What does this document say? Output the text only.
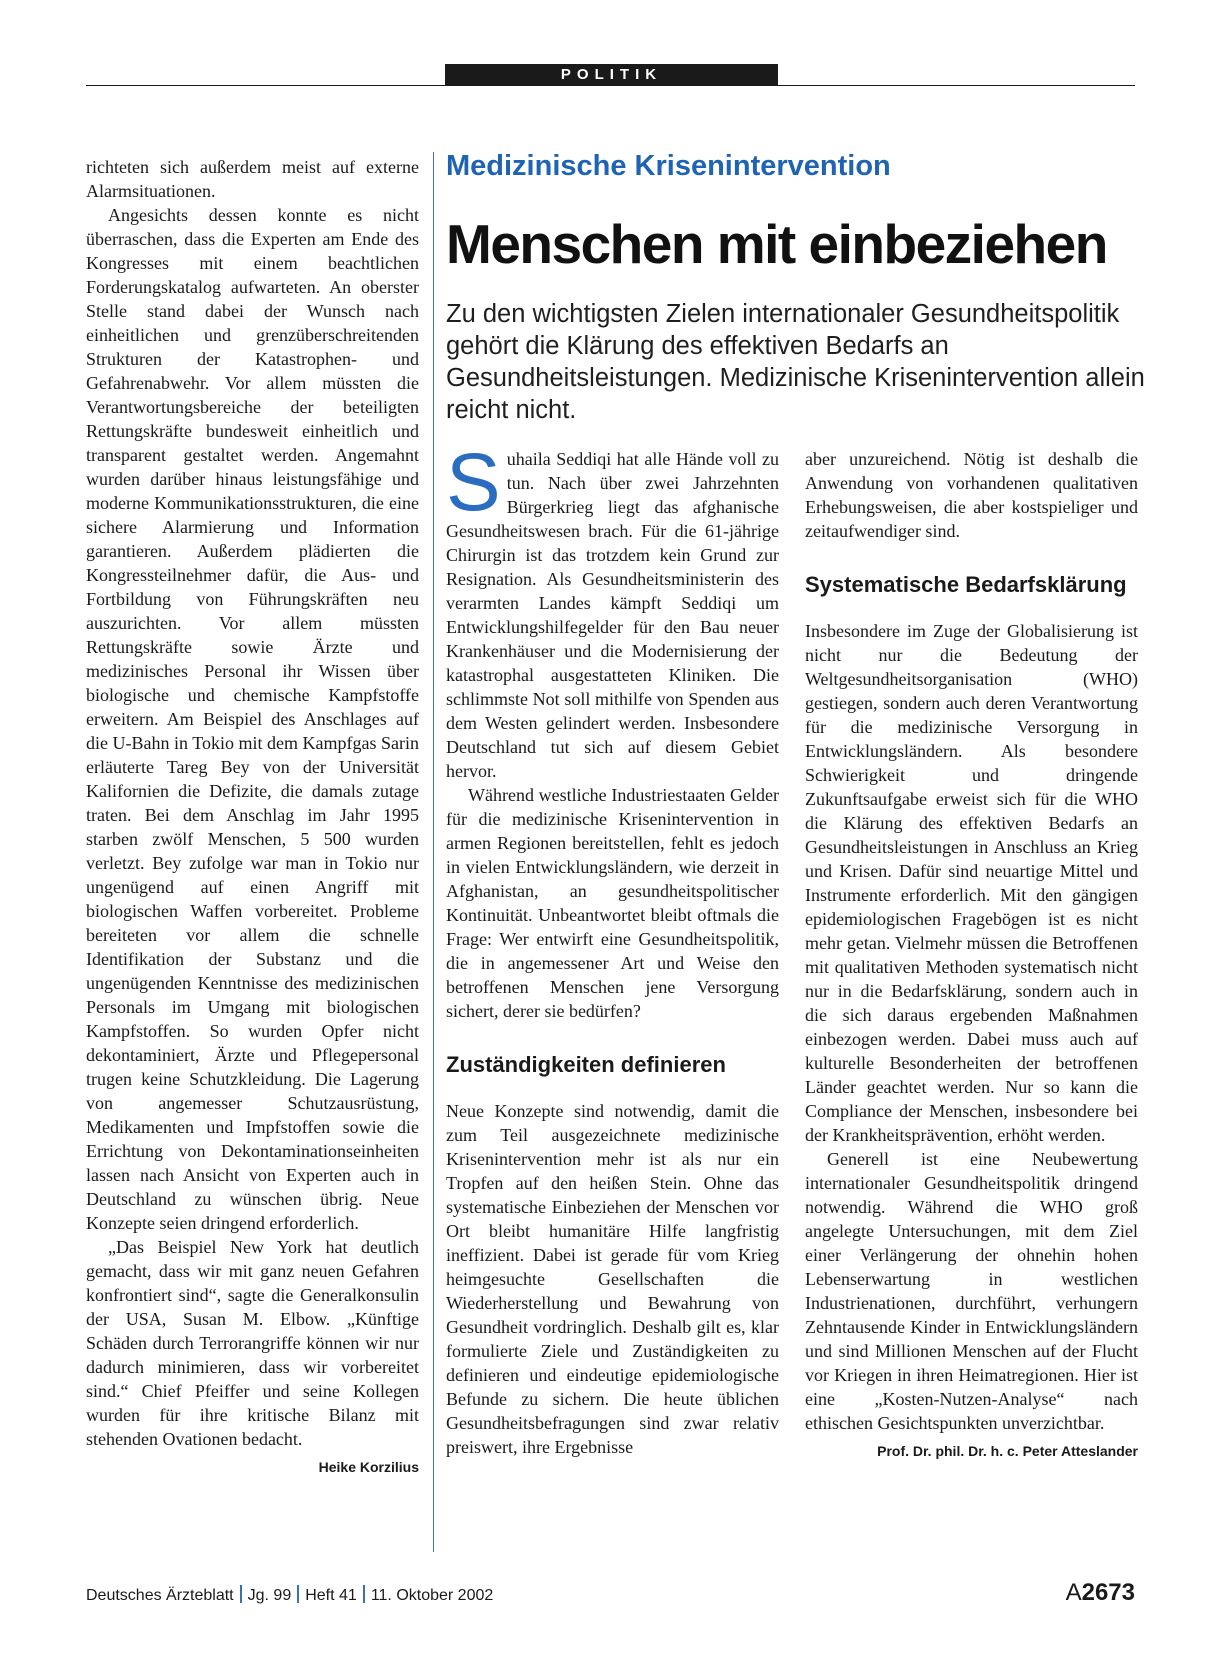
POLITIK

richteten sich außerdem meist auf externe Alarmsituationen.

Angesichts dessen konnte es nicht überraschen, dass die Experten am Ende des Kongresses mit einem beachtlichen Forderungskatalog aufwarteten. An oberster Stelle stand dabei der Wunsch nach einheitlichen und grenzüberschreitenden Strukturen der Katastrophen- und Gefahrenabwehr. Vor allem müssten die Verantwortungsbereiche der beteiligten Rettungskräfte bundesweit einheitlich und transparent gestaltet werden. Angemahnt wurden darüber hinaus leistungsfähige und moderne Kommunikationsstrukturen, die eine sichere Alarmierung und Information garantieren. Außerdem plädierten die Kongressteilnehmer dafür, die Aus- und Fortbildung von Führungskräften neu auszurichten. Vor allem müssten Rettungskräfte sowie Ärzte und medizinisches Personal ihr Wissen über biologische und chemische Kampfstoffe erweitern. Am Beispiel des Anschlages auf die U-Bahn in Tokio mit dem Kampfgas Sarin erläuterte Tareg Bey von der Universität Kalifornien die Defizite, die damals zutage traten. Bei dem Anschlag im Jahr 1995 starben zwölf Menschen, 5 500 wurden verletzt. Bey zufolge war man in Tokio nur ungenügend auf einen Angriff mit biologischen Waffen vorbereitet. Probleme bereiteten vor allem die schnelle Identifikation der Substanz und die ungenügenden Kenntnisse des medizinischen Personals im Umgang mit biologischen Kampfstoffen. So wurden Opfer nicht dekontaminiert, Ärzte und Pflegepersonal trugen keine Schutzkleidung. Die Lagerung von angemesser Schutzausrüstung, Medikamenten und Impfstoffen sowie die Errichtung von Dekontaminationseinheiten lassen nach Ansicht von Experten auch in Deutschland zu wünschen übrig. Neue Konzepte seien dringend erforderlich.

„Das Beispiel New York hat deutlich gemacht, dass wir mit ganz neuen Gefahren konfrontiert sind“, sagte die Generalkonsulin der USA, Susan M. Elbow. „Künftige Schäden durch Terrorangriffe können wir nur dadurch minimieren, dass wir vorbereitet sind.“ Chief Pfeiffer und seine Kollegen wurden für ihre kritische Bilanz mit stehenden Ovationen bedacht.
Heike Korzilius

Medizinische Krisenintervention
Menschen mit einbeziehen
Zu den wichtigsten Zielen internationaler Gesundheitspolitik gehört die Klärung des effektiven Bedarfs an Gesundheitsleistungen. Medizinische Krisenintervention allein reicht nicht.

Suhaila Seddiqi hat alle Hände voll zu tun. Nach über zwei Jahrzehnten Bürgerkrieg liegt das afghanische Gesundheitswesen brach. Für die 61-jährige Chirurgin ist das trotzdem kein Grund zur Resignation. Als Gesundheitsministerin des verarmten Landes kämpft Seddiqi um Entwicklungshilfegelder für den Bau neuer Krankenhäuser und die Modernisierung der katastrophal ausgestatteten Kliniken. Die schlimmste Not soll mithilfe von Spenden aus dem Westen gelindert werden. Insbesondere Deutschland tut sich auf diesem Gebiet hervor.

Während westliche Industriestaaten Gelder für die medizinische Krisenintervention in armen Regionen bereitstellen, fehlt es jedoch in vielen Entwicklungsländern, wie derzeit in Afghanistan, an gesundheitspolitischer Kontinuität. Unbeantwortet bleibt oftmals die Frage: Wer entwirft eine Gesundheitspolitik, die in angemessener Art und Weise den betroffenen Menschen jene Versorgung sichert, derer sie bedürfen?

Zuständigkeiten definieren

Neue Konzepte sind notwendig, damit die zum Teil ausgezeichnete medizinische Krisenintervention mehr ist als nur ein Tropfen auf den heißen Stein. Ohne das systematische Einbeziehen der Menschen vor Ort bleibt humanitäre Hilfe langfristig ineffizient. Dabei ist gerade für vom Krieg heimgesuchte Gesellschaften die Wiederherstellung und Bewahrung von Gesundheit vordringlich. Deshalb gilt es, klar formulierte Ziele und Zuständigkeiten zu definieren und eindeutige epidemiologische Befunde zu sichern. Die heute üblichen Gesundheitsbefragungen sind zwar relativ preiswert, ihre Ergebnisse

aber unzureichend. Nötig ist deshalb die Anwendung von vorhandenen qualitativen Erhebungsweisen, die aber kostspieliger und zeitaufwendiger sind.

Systematische Bedarfsklärung

Insbesondere im Zuge der Globalisierung ist nicht nur die Bedeutung der Weltgesundheitsorganisation (WHO) gestiegen, sondern auch deren Verantwortung für die medizinische Versorgung in Entwicklungsländern. Als besondere Schwierigkeit und dringende Zukunftsaufgabe erweist sich für die WHO die Klärung des effektiven Bedarfs an Gesundheitsleistungen in Anschluss an Krieg und Krisen. Dafür sind neuartige Mittel und Instrumente erforderlich. Mit den gängigen epidemiologischen Fragebögen ist es nicht mehr getan. Vielmehr müssen die Betroffenen mit qualitativen Methoden systematisch nicht nur in die Bedarfsklärung, sondern auch in die sich daraus ergebenden Maßnahmen einbezogen werden. Dabei muss auch auf kulturelle Besonderheiten der betroffenen Länder geachtet werden. Nur so kann die Compliance der Menschen, insbesondere bei der Krankheitsprävention, erhöht werden.

Generell ist eine Neubewertung internationaler Gesundheitspolitik dringend notwendig. Während die WHO groß angelegte Untersuchungen, mit dem Ziel einer Verlängerung der ohnehin hohen Lebenserwartung in westlichen Industrienationen, durchführt, verhungern Zehntausende Kinder in Entwicklungsländern und sind Millionen Menschen auf der Flucht vor Kriegen in ihren Heimatregionen. Hier ist eine „Kosten-Nutzen-Analyse“ nach ethischen Gesichtspunkten unverzichtbar.
Prof. Dr. phil. Dr. h. c. Peter Atteslander

Deutsches Ärzteblatt Jg. 99 Heft 41 11. Oktober 2002	A2673
